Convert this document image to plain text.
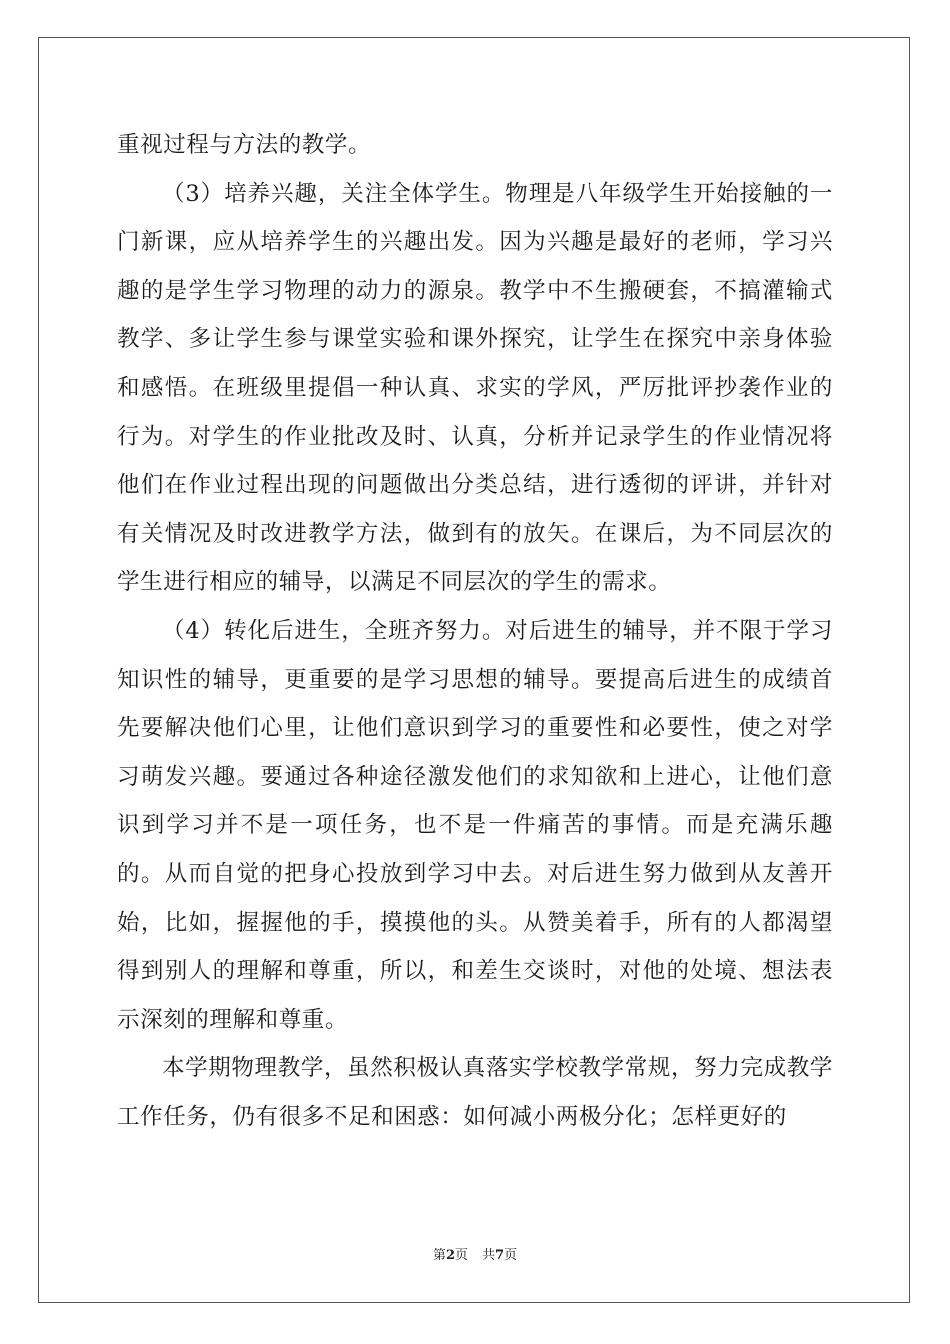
重视过程与方法的教学。

（3）培养兴趣，关注全体学生。物理是八年级学生开始接触的一门新课，应从培养学生的兴趣出发。因为兴趣是最好的老师，学习兴趣的是学生学习物理的动力的源泉。教学中不生搬硬套，不搞灌输式教学、多让学生参与课堂实验和课外探究，让学生在探究中亲身体验和感悟。在班级里提倡一种认真、求实的学风，严厉批评抄袭作业的行为。对学生的作业批改及时、认真，分析并记录学生的作业情况将他们在作业过程出现的问题做出分类总结，进行透彻的评讲，并针对有关情况及时改进教学方法，做到有的放矢。在课后，为不同层次的学生进行相应的辅导，以满足不同层次的学生的需求。

（4）转化后进生，全班齐努力。对后进生的辅导，并不限于学习知识性的辅导，更重要的是学习思想的辅导。要提高后进生的成绩首先要解决他们心里，让他们意识到学习的重要性和必要性，使之对学习萌发兴趣。要通过各种途径激发他们的求知欲和上进心，让他们意识到学习并不是一项任务，也不是一件痛苦的事情。而是充满乐趣的。从而自觉的把身心投放到学习中去。对后进生努力做到从友善开始，比如，握握他的手，摸摸他的头。从赞美着手，所有的人都渴望得到别人的理解和尊重，所以，和差生交谈时，对他的处境、想法表示深刻的理解和尊重。

本学期物理教学，虽然积极认真落实学校教学常规，努力完成教学工作任务，仍有很多不足和困惑：如何减小两极分化；怎样更好的

第2页 共7页
